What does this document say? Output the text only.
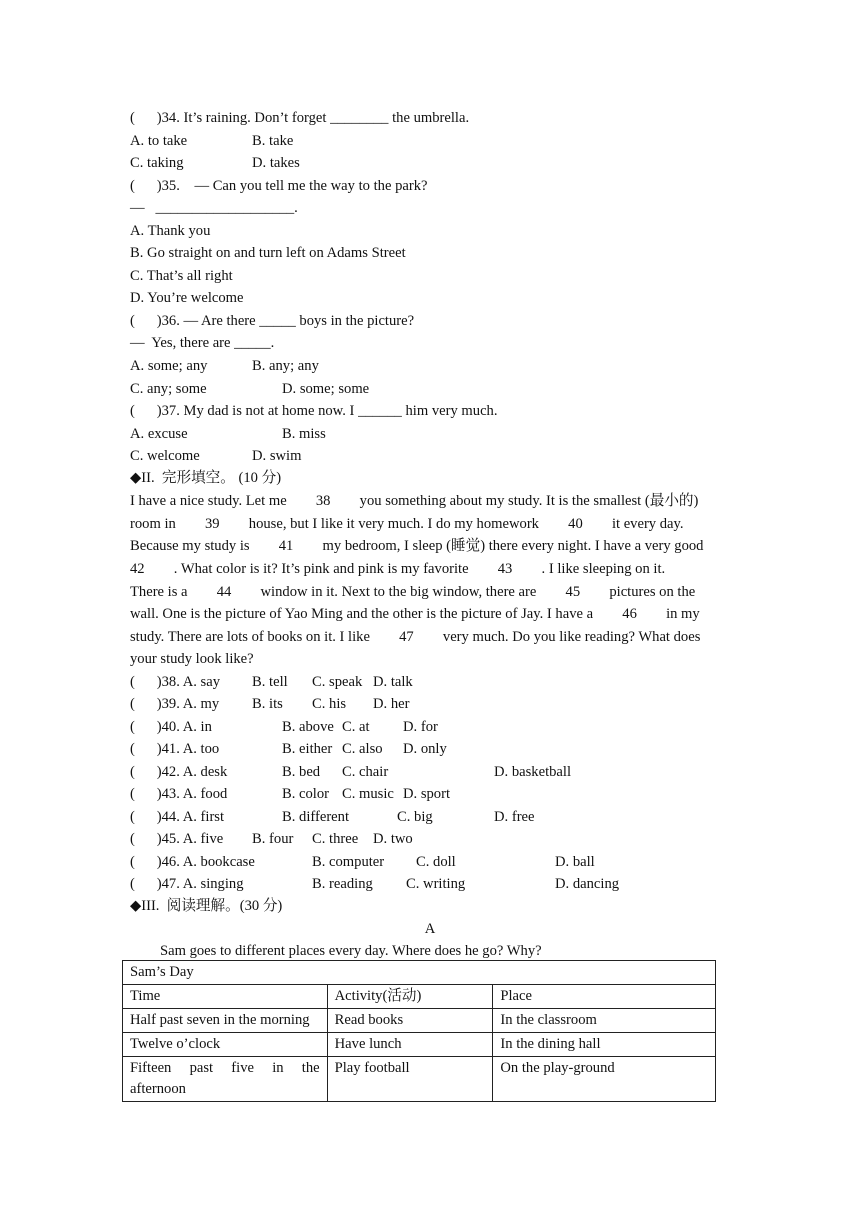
(      )34. It’s raining. Don’t forget ________ the umbrella.
A. to take	B. take
C. taking	D. takes
(      )35.    — Can you tell me the way to the park?
—   ___________________.
A. Thank you
B. Go straight on and turn left on Adams Street
C. That’s all right
D. You’re welcome
(      )36. — Are there _____ boys in the picture?
—  Yes, there are _____.
A. some; any	B. any; any
C. any; some	D. some; some
(      )37. My dad is not at home now. I ______ him very much.
A. excuse	B. miss
C. welcome	D. swim
◆II.  完形填空。 (10 分)
I have a nice study. Let me        38        you something about my study. It is the smallest (最小的)
room in        39        house, but I like it very much. I do my homework        40        it every day.
Because my study is        41        my bedroom, I sleep (睡觉) there every night. I have a very good
42        . What color is it? It’s pink and pink is my favorite        43        . I like sleeping on it.
There is a        44        window in it. Next to the big window, there are        45        pictures on the
wall. One is the picture of Yao Ming and the other is the picture of Jay. I have a        46        in my
study. There are lots of books on it. I like        47        very much. Do you like reading? What does
your study look like?
(      )38. A. say B. tell C. speak D. talk
(      )39. A. my B. its C. his D. her
(      )40. A. in	B. above C. at D. for
(      )41. A. too	B. either C. also D. only
(      )42. A. desk	B. bed C. chair	D. basketball
(      )43. A. food	B. color C. music D. sport
(      )44. A. first	B. different	C. big	D. free
(      )45. A. five B. four C. three D. two
(      )46. A. bookcase	B. computer C. doll	D. ball
(      )47. A. singing	B. reading C. writing	D. dancing
◆III.  阅读理解。(30 分)
A
Sam goes to different places every day. Where does he go? Why?
Sam’s Day		
Time	Activity(活动)	Place
Half past seven in the morning	Read books	In the classroom
Twelve o’clock	Have lunch	In the dining hall
Fifteen past five in the afternoon	Play football	On the play-ground
